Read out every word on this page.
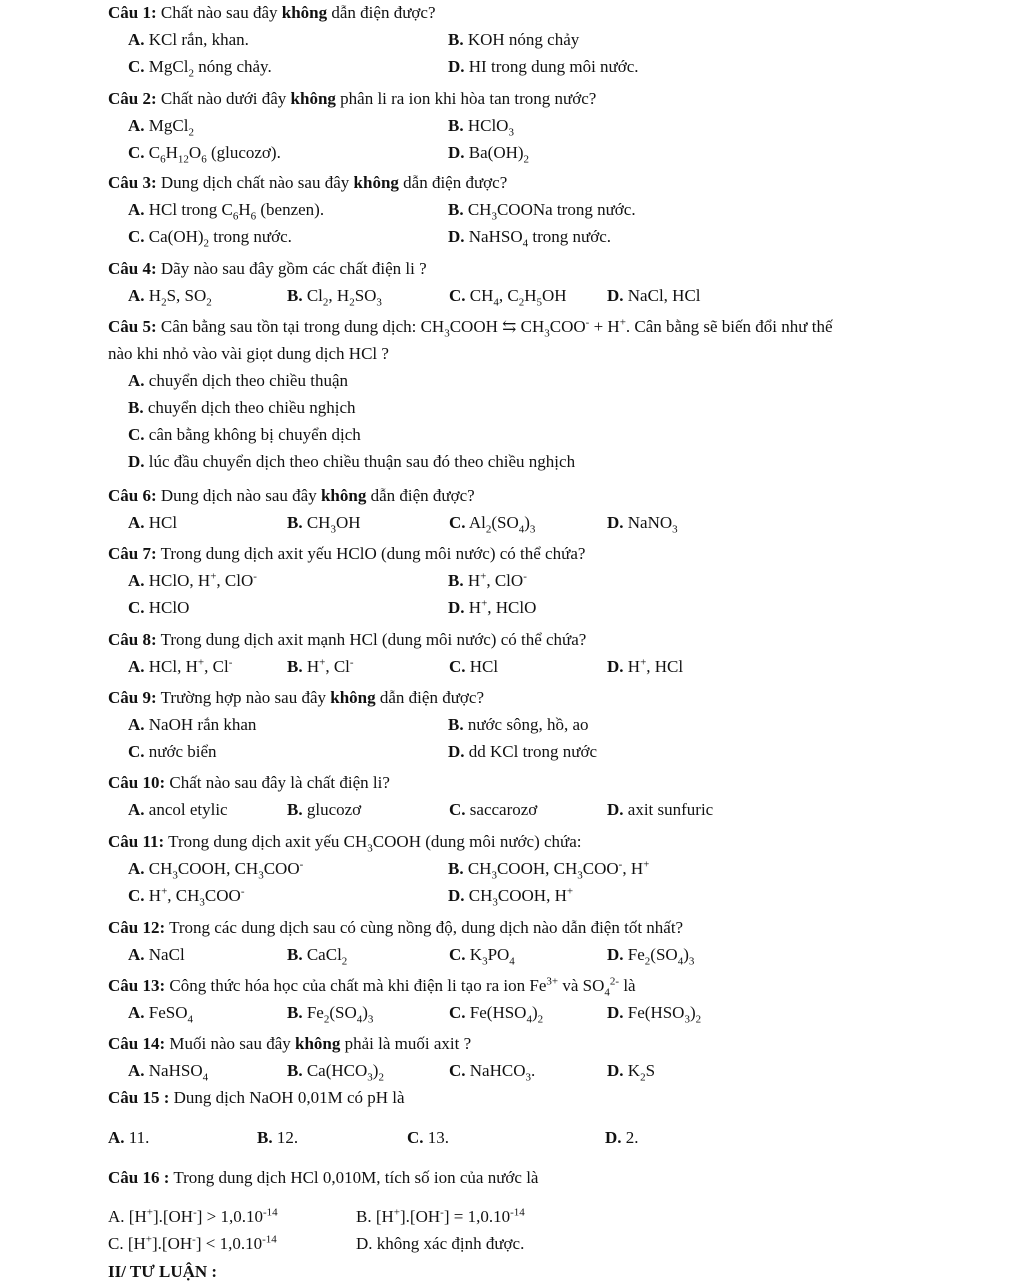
Câu 1: Chất nào sau đây không dẫn điện được?
A. KCl rắn, khan.	B. KOH nóng chảy
C. MgCl$_2$ nóng chảy.	D. HI trong dung môi nước.
Câu 2: Chất nào dưới đây không phân li ra ion khi hòa tan trong nước?
A. MgCl$_2$	B. HClO$_3$
C. $C_6H_{12}O_6$ (glucozơ).	D. $Ba(OH)_2$
Câu 3: Dung dịch chất nào sau đây không dẫn điện được?
A. HCl trong $C_6H_6$ (benzen).	B. $CH_3COONa$ trong nước.
C. $Ca(OH)_2$ trong nước.	D. NaHSO$_4$ trong nước.
Câu 4: Dãy nào sau đây gồm các chất điện li ?
A. $H_2S$, $SO_2$	B. $Cl_2$, $H_2SO_3$	C. $CH_4$, $C_2H_5OH$ D. NaCl, HCl
Câu 5: Cân bằng sau tồn tại trong dung dịch: $CH_3COOH$ ⇆ $CH_3COO^- + H^+$. Cân bằng sẽ biến đổi như thế
nào khi nhỏ vào vài giọt dung dịch HCl ?
A. chuyển dịch theo chiều thuận
B. chuyển dịch theo chiều nghịch
C. cân bằng không bị chuyển dịch
D. lúc đầu chuyển dịch theo chiều thuận sau đó theo chiều nghịch
Câu 6: Dung dịch nào sau đây không dẫn điện được?
A. HCl	B. $CH_3OH$	C. $Al_2(SO_4)_3$	D. NaNO$_3$
Câu 7: Trong dung dịch axit yếu HClO (dung môi nước) có thể chứa?
A. HClO, H+, ClO-	B. H+, ClO-
C. HClO	D. H+, HClO
Câu 8: Trong dung dịch axit mạnh HCl (dung môi nước) có thể chứa?
A. HCl, H+, Cl-	B. H+, Cl-	C. HCl	D. H+, HCl
Câu 9: Trường hợp nào sau đây không dẫn điện được?
A. NaOH rắn khan	B. nước sông, hồ, ao
C. nước biển	D. dd KCl trong nước
Câu 10: Chất nào sau đây là chất điện li?
A. ancol etylic	B. glucozơ	C. saccarozơ	D. axit sunfuric
Câu 11: Trong dung dịch axit yếu $CH_3COOH$ (dung môi nước) chứa:
A. $CH_3COOH$, $CH_3COO^-$	B. $CH_3COOH$, $CH_3COO^-$, H+
C. H+, $CH_3COO^-$	D. $CH_3COOH$, H+
Câu 12: Trong các dung dịch sau có cùng nồng độ, dung dịch nào dẫn điện tốt nhất?
A. NaCl	B. CaCl$_2$	C. $K_3PO_4$	D. $Fe_2(SO_4)_3$
Câu 13: Công thức hóa học của chất mà khi điện li tạo ra ion $Fe^{3+}$ và $SO_4^{2-}$ là
A. FeSO$_4$	B. $Fe_2(SO_4)_3$	C. $Fe(HSO_4)_2$	D. $Fe(HSO_3)_2$
Câu 14: Muối nào sau đây không phải là muối axit ?
A. NaHSO$_4$	B. $Ca(HCO_3)_2$	C. NaHCO$_3$.	D. $K_2S$
Câu 15 : Dung dịch NaOH 0,01M có pH là
A. 11.	B. 12.	C. 13.	D. 2.
Câu 16 : Trong dung dịch HCl 0,010M, tích số ion của nước là
A. $[H^+].[OH^-] > 1,0.10^{-14}$	B. $[H^+].[OH^-] = 1,0.10^{-14}$
C. $[H^+].[OH^-] < 1,0.10^{-14}$	D. không xác định được.
II/ TƯ LUẬN :
